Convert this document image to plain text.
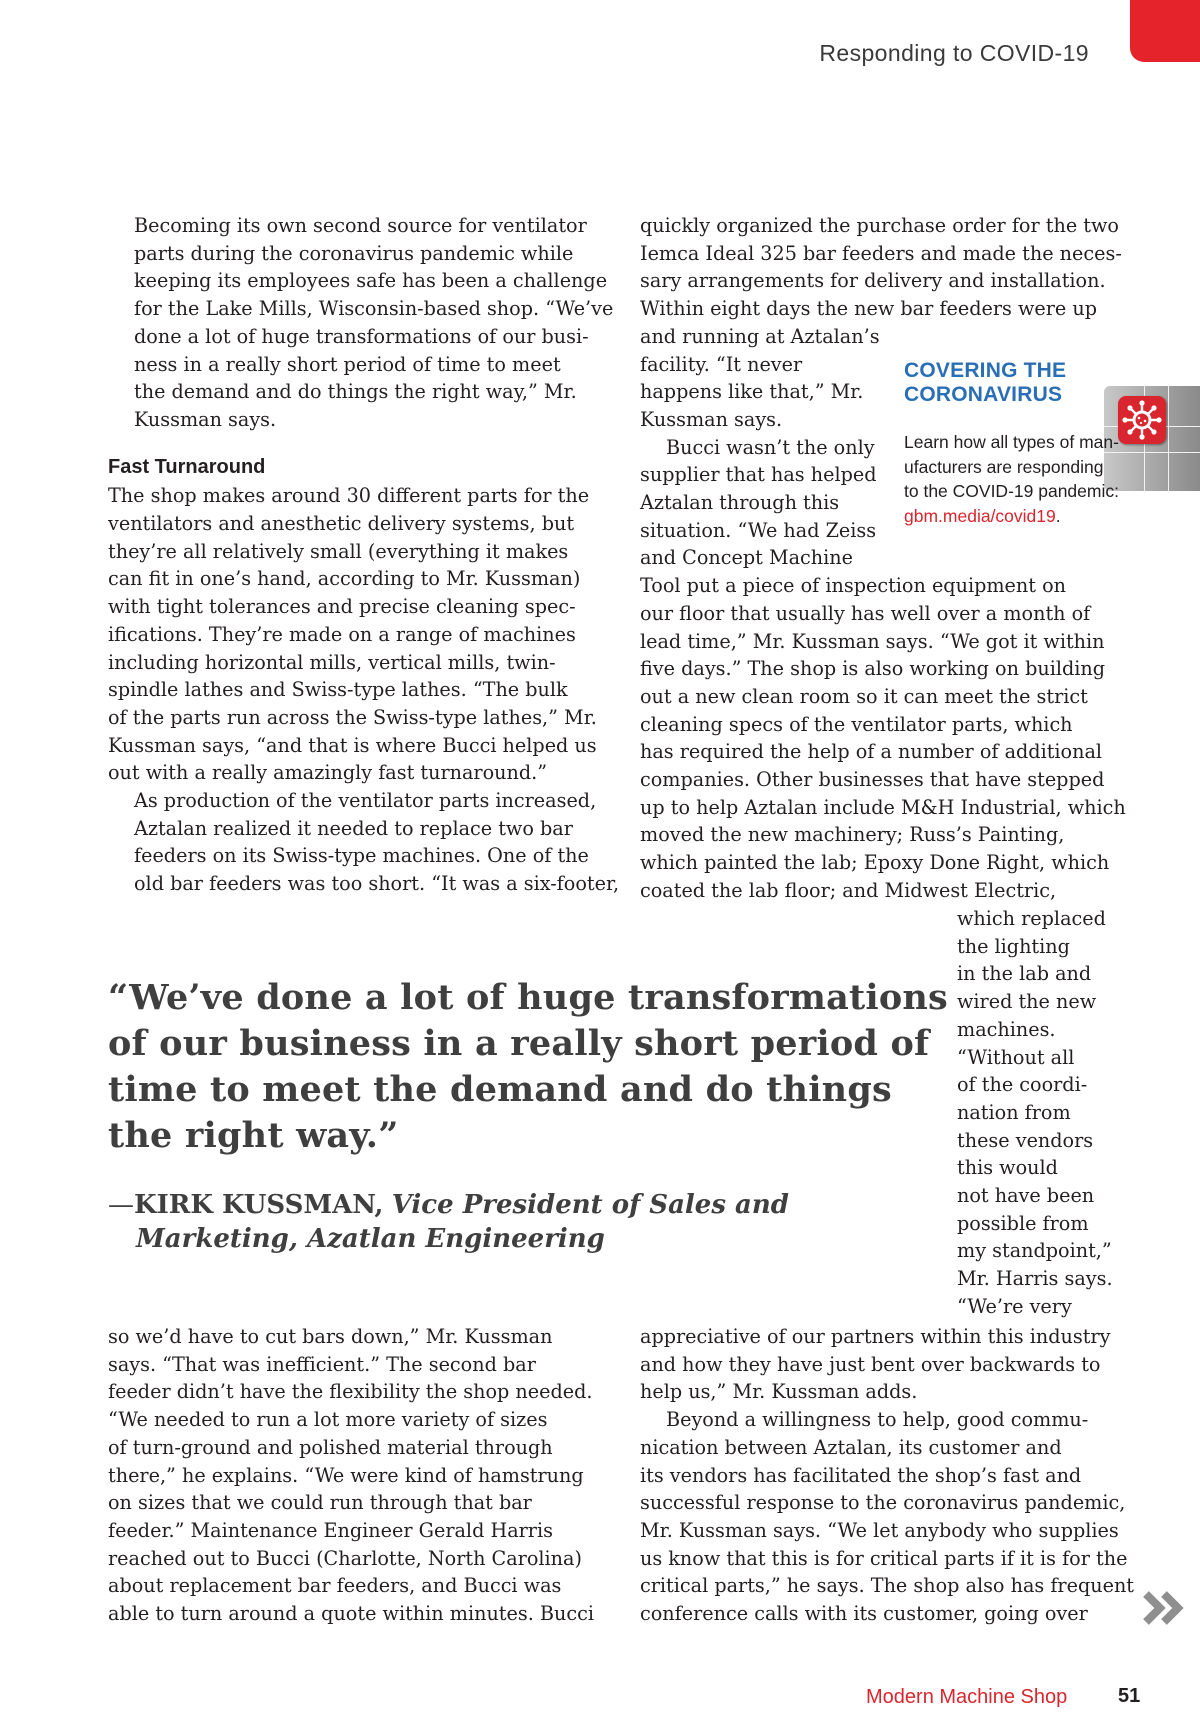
Responding to COVID-19

Becoming its own second source for ventilator
parts during the coronavirus pandemic while
keeping its employees safe has been a challenge
for the Lake Mills, Wisconsin-based shop. “We’ve
done a lot of huge transformations of our busi-
ness in a really short period of time to meet
the demand and do things the right way,” Mr.
Kussman says.

Fast Turnaround

The shop makes around 30 different parts for the
ventilators and anesthetic delivery systems, but
they’re all relatively small (everything it makes
can fit in one’s hand, according to Mr. Kussman)
with tight tolerances and precise cleaning spec-
ifications. They’re made on a range of machines
including horizontal mills, vertical mills, twin-
spindle lathes and Swiss-type lathes. “The bulk
of the parts run across the Swiss-type lathes,” Mr.
Kussman says, “and that is where Bucci helped us
out with a really amazingly fast turnaround.”

As production of the ventilator parts increased,
Aztalan realized it needed to replace two bar
feeders on its Swiss-type machines. One of the
old bar feeders was too short. “It was a six-footer,

quickly organized the purchase order for the two
Iemca Ideal 325 bar feeders and made the neces-
sary arrangements for delivery and installation.
Within eight days the new bar feeders were up
and running at Aztalan’s
facility. “It never
happens like that,” Mr.
Kussman says.

Bucci wasn’t the only
supplier that has helped
Aztalan through this
situation. “We had Zeiss
and Concept Machine
Tool put a piece of inspection equipment on
our floor that usually has well over a month of
lead time,” Mr. Kussman says. “We got it within
five days.” The shop is also working on building
out a new clean room so it can meet the strict
cleaning specs of the ventilator parts, which
has required the help of a number of additional
companies. Other businesses that have stepped
up to help Aztalan include M&H Industrial, which
moved the new machinery; Russ’s Painting,
which painted the lab; Epoxy Done Right, which
coated the lab floor; and Midwest Electric,

which replaced
the lighting
in the lab and
wired the new
machines.
“Without all
of the coordi-
nation from
these vendors
this would
not have been
possible from
my standpoint,”
Mr. Harris says.
“We’re very

COVERING THE
CORONAVIRUS
Learn how all types of man-
ufacturers are responding
to the COVID-19 pandemic:
gbm.media/covid19.
“We’ve done a lot of huge transformations
of our business in a really short period of
time to meet the demand and do things
the right way.”
—KIRK KUSSMAN, Vice President of Sales and
Marketing, Azatlan Engineering

so we’d have to cut bars down,” Mr. Kussman
says. “That was inefficient.” The second bar
feeder didn’t have the flexibility the shop needed.
“We needed to run a lot more variety of sizes
of turn-ground and polished material through
there,” he explains. “We were kind of hamstrung
on sizes that we could run through that bar
feeder.” Maintenance Engineer Gerald Harris
reached out to Bucci (Charlotte, North Carolina)
about replacement bar feeders, and Bucci was
able to turn around a quote within minutes. Bucci

appreciative of our partners within this industry
and how they have just bent over backwards to
help us,” Mr. Kussman adds.

Beyond a willingness to help, good commu-
nication between Aztalan, its customer and
its vendors has facilitated the shop’s fast and
successful response to the coronavirus pandemic,
Mr. Kussman says. “We let anybody who supplies
us know that this is for critical parts if it is for the
critical parts,” he says. The shop also has frequent
conference calls with its customer, going over

Modern Machine Shop	51
